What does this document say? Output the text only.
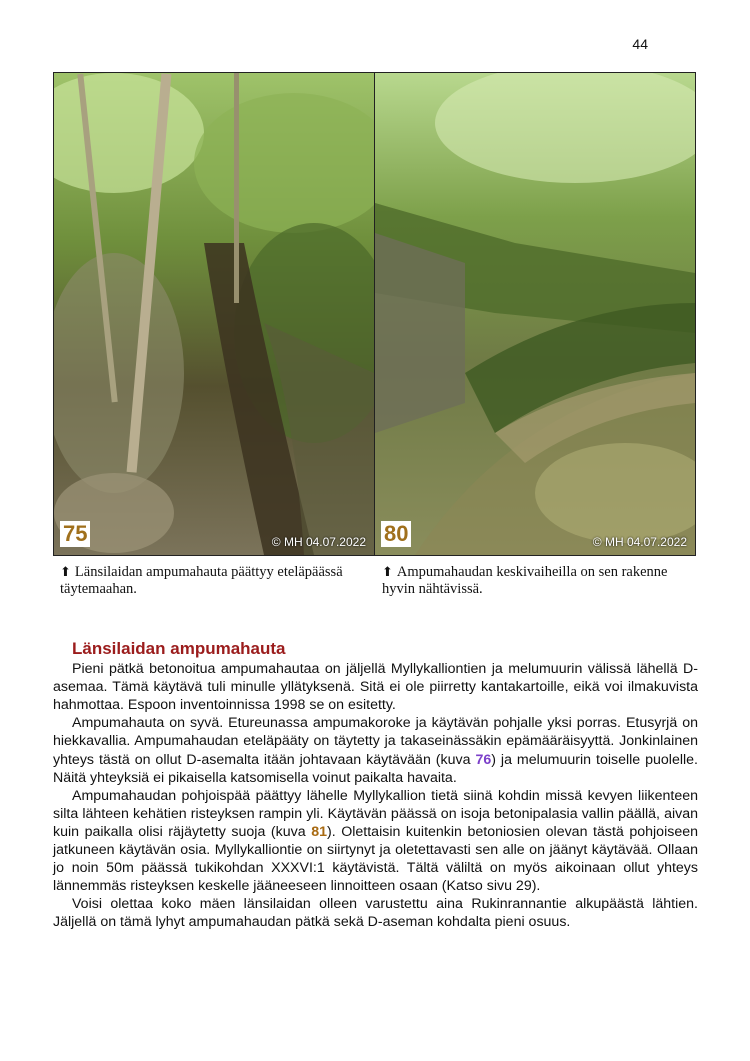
44
75	© MH 04.07.2022 80	© MH 04.07.2022
⬆ Länsilaidan ampumahauta päättyy eteläpäässä täytemaahan.
⬆ Ampumahaudan keskivaiheilla on sen rakenne hyvin nähtävissä.
Länsilaidan ampumahauta

Pieni pätkä betonoitua ampumahautaa on jäljellä Myllykalliontien ja melumuurin välissä lähellä D-asemaa. Tämä käytävä tuli minulle yllätyksenä. Sitä ei ole piirretty kantakartoille, eikä voi ilmakuvista hahmottaa. Espoon inventoinnissa 1998 se on esitetty.

Ampumahauta on syvä. Etureunassa ampumakoroke ja käytävän pohjalle yksi porras. Etusyrjä on hiekkavallia. Ampumahaudan eteläpääty on täytetty ja takaseinässäkin epämääräisyyttä. Jonkinlainen yhteys tästä on ollut D-asemalta itään johtavaan käytävään (kuva 76) ja melumuurin toiselle puolelle. Näitä yhteyksiä ei pikaisella katsomisella voinut paikalta havaita.

Ampumahaudan pohjoispää päättyy lähelle Myllykallion tietä siinä kohdin missä kevyen liikenteen silta lähteen kehätien risteyksen rampin yli. Käytävän päässä on isoja betonipalasia vallin päällä, aivan kuin paikalla olisi räjäytetty suoja (kuva 81). Olettaisin kuitenkin betoniosien olevan tästä pohjoiseen jatkuneen käytävän osia. Myllykalliontie on siirtynyt ja oletettavasti sen alle on jäänyt käytävää. Ollaan jo noin 50m päässä tukikohdan XXXVI:1 käytävistä. Tältä väliltä on myös aikoinaan ollut yhteys lännemmäs risteyksen keskelle jääneeseen linnoitteen osaan (Katso sivu 29).

Voisi olettaa koko mäen länsilaidan olleen varustettu aina Rukinrannantie alkupäästä lähtien. Jäljellä on tämä lyhyt ampumahaudan pätkä sekä D-aseman kohdalta pieni osuus.
